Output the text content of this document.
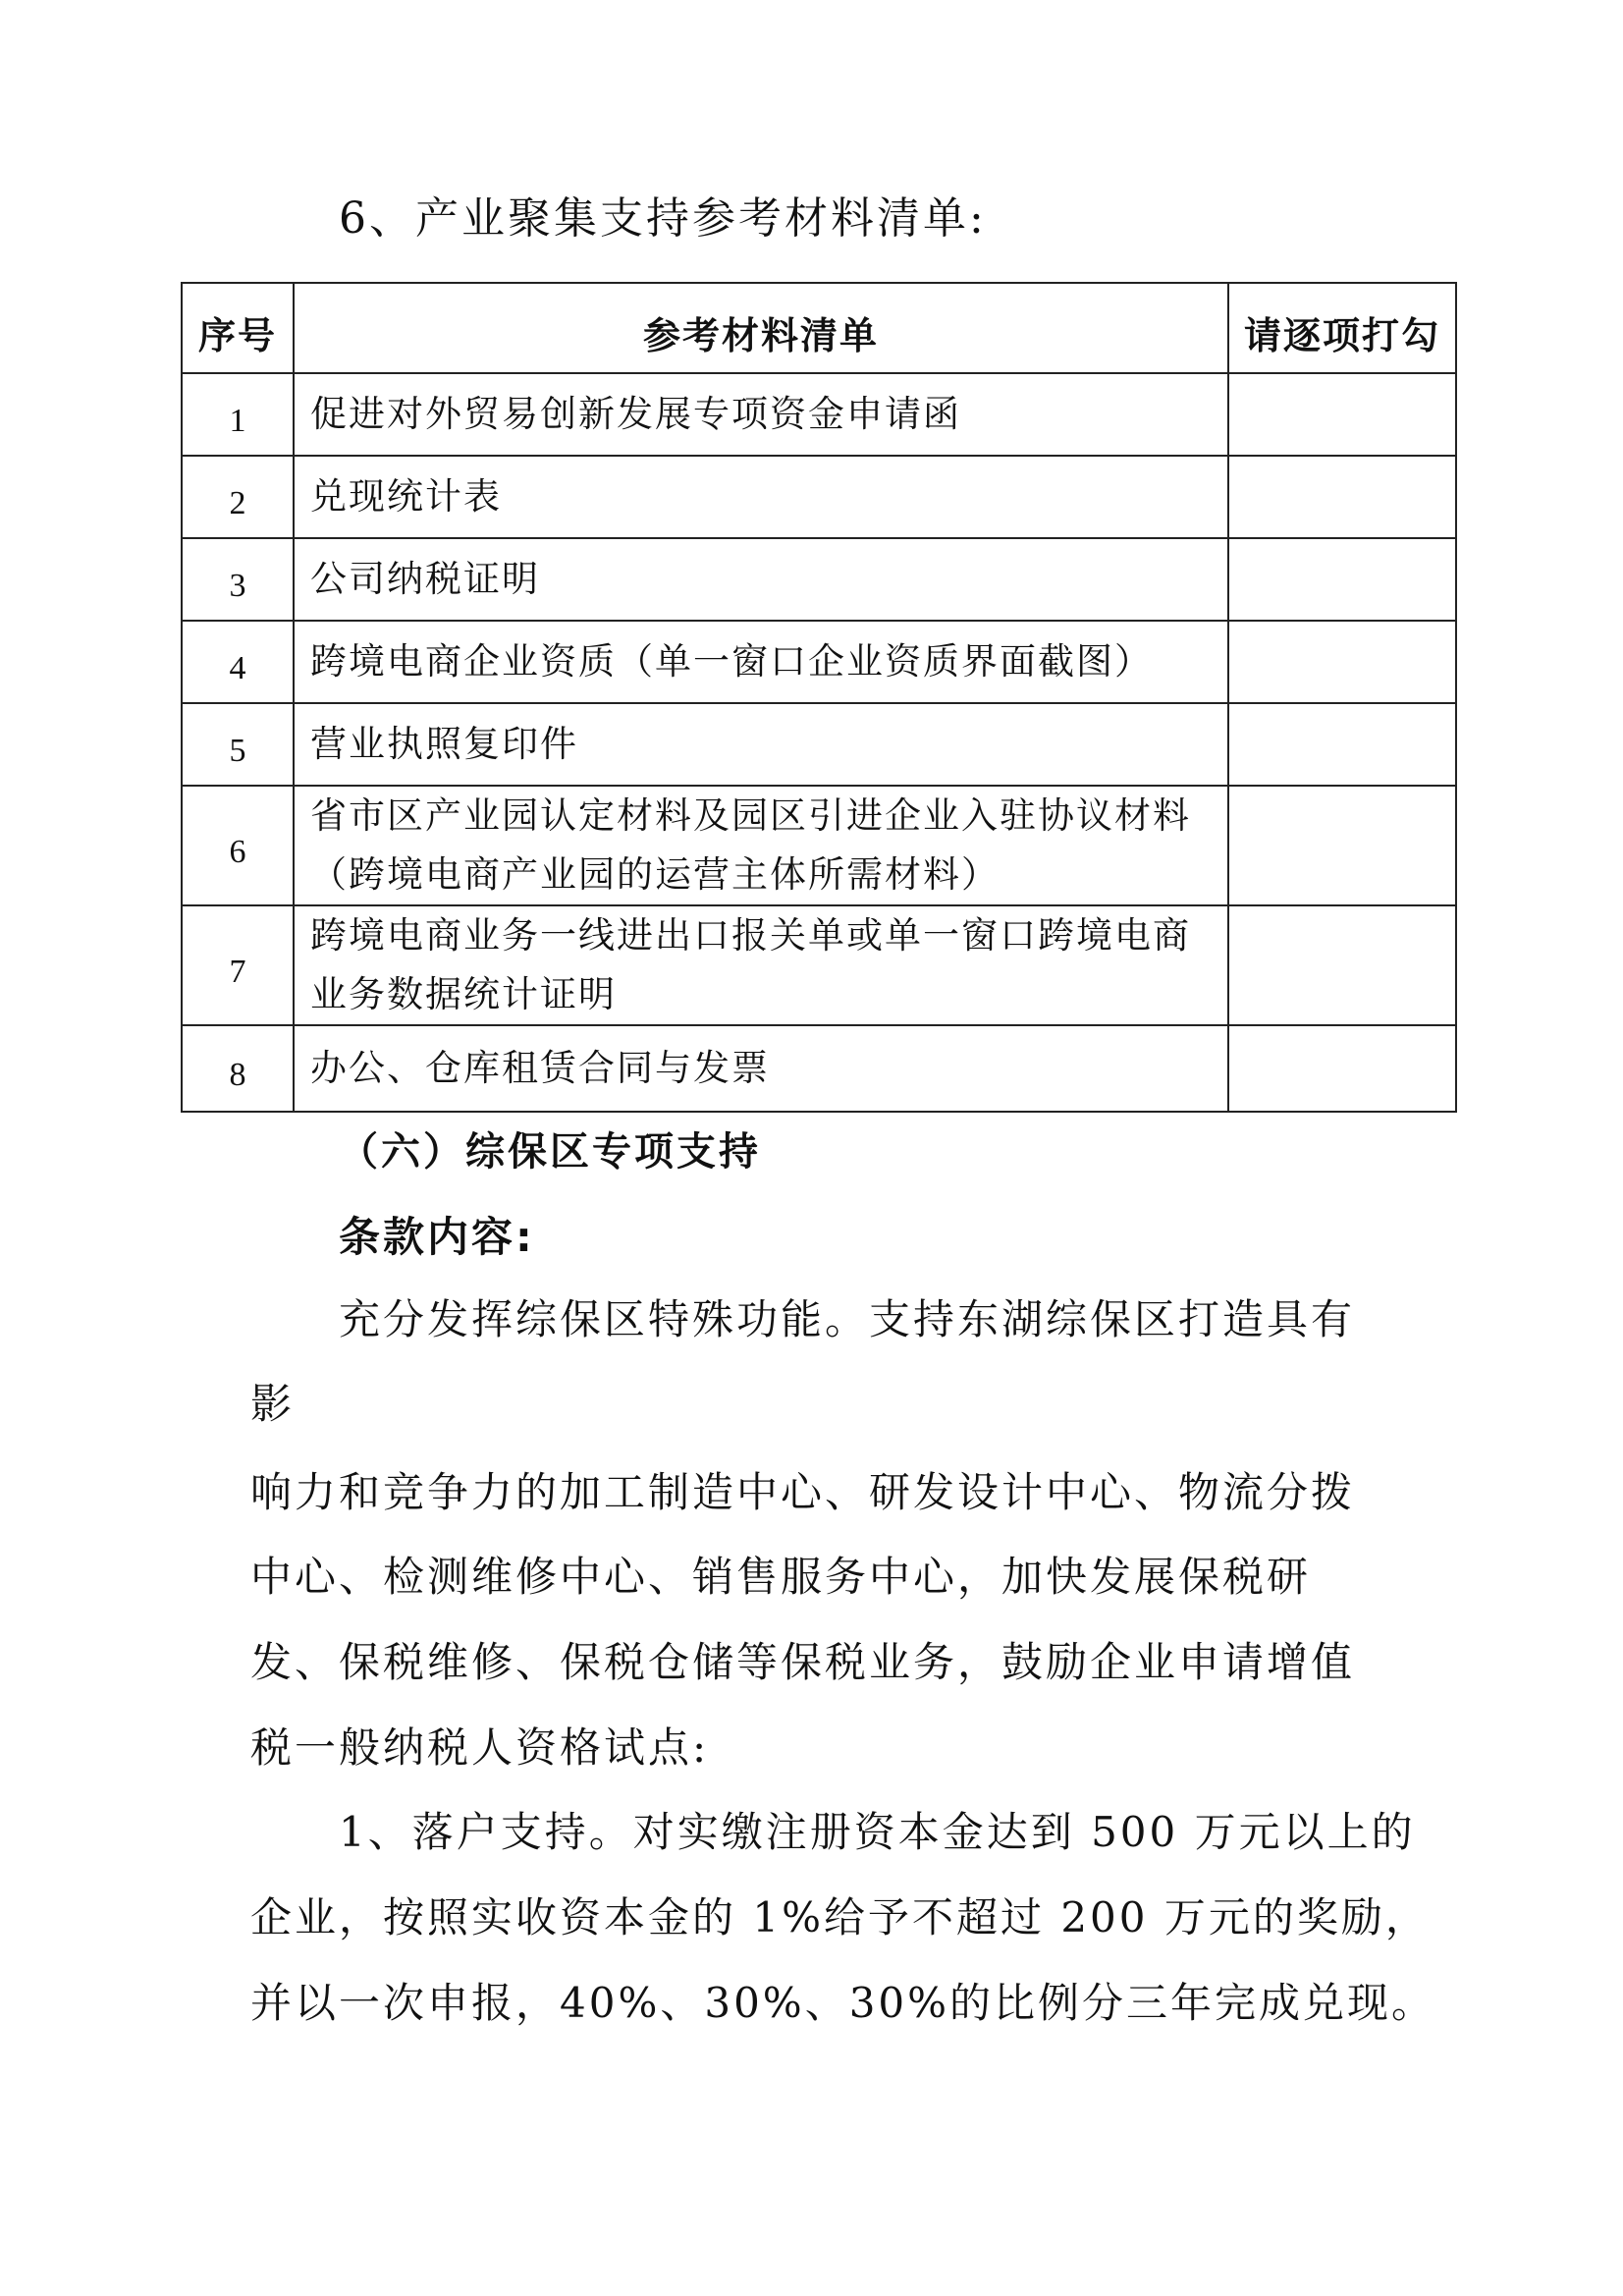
6、产业聚集支持参考材料清单:
序号	参考材料清单	请逐项打勾
1	促进对外贸易创新发展专项资金申请函	

2	兑现统计表	

3	公司纳税证明	

4	跨境电商企业资质（单一窗口企业资质界面截图）	

5	营业执照复印件	

6	省市区产业园认定材料及园区引进企业入驻协议材料
（跨境电商产业园的运营主体所需材料）	

7	跨境电商业务一线进出口报关单或单一窗口跨境电商
业务数据统计证明	

8	办公、仓库租赁合同与发票	

（六）综保区专项支持
条款内容:
充分发挥综保区特殊功能。支持东湖综保区打造具有
影
响力和竞争力的加工制造中心、研发设计中心、物流分拨
中心、检测维修中心、销售服务中心，加快发展保税研
发、保税维修、保税仓储等保税业务，鼓励企业申请增值
税一般纳税人资格试点:
1、落户支持。对实缴注册资本金达到 500 万元以上的
企业，按照实收资本金的 1%给予不超过 200 万元的奖励，
并以一次申报，40%、30%、30%的比例分三年完成兑现。
